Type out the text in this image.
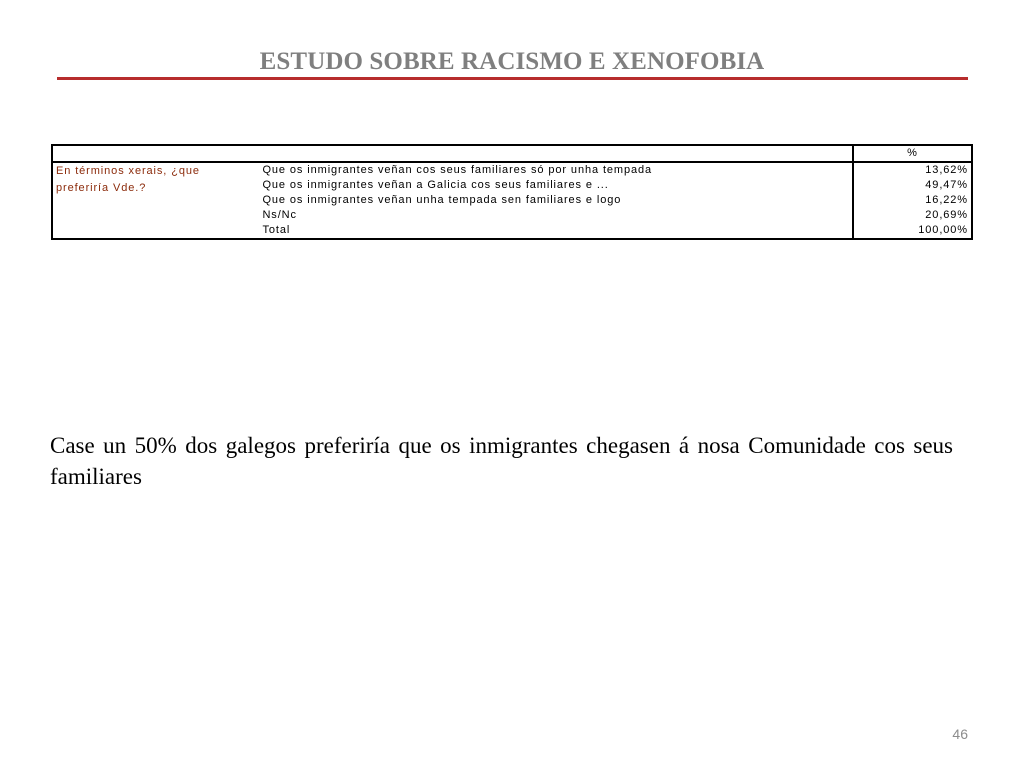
ESTUDO SOBRE RACISMO E XENOFOBIA
		%
En términos xerais, ¿que preferiría Vde.?	Que os inmigrantes veñan cos seus familiares só por unha tempada	13,62%
	Que os inmigrantes veñan a Galicia cos seus familiares e ...	49,47%
	Que os inmigrantes veñan unha tempada sen familiares e logo	16,22%
	Ns/Nc	20,69%
	Total	100,00%

Case un 50% dos galegos preferiría que os inmigrantes chegasen á nosa Comunidade cos seus familiares

46
